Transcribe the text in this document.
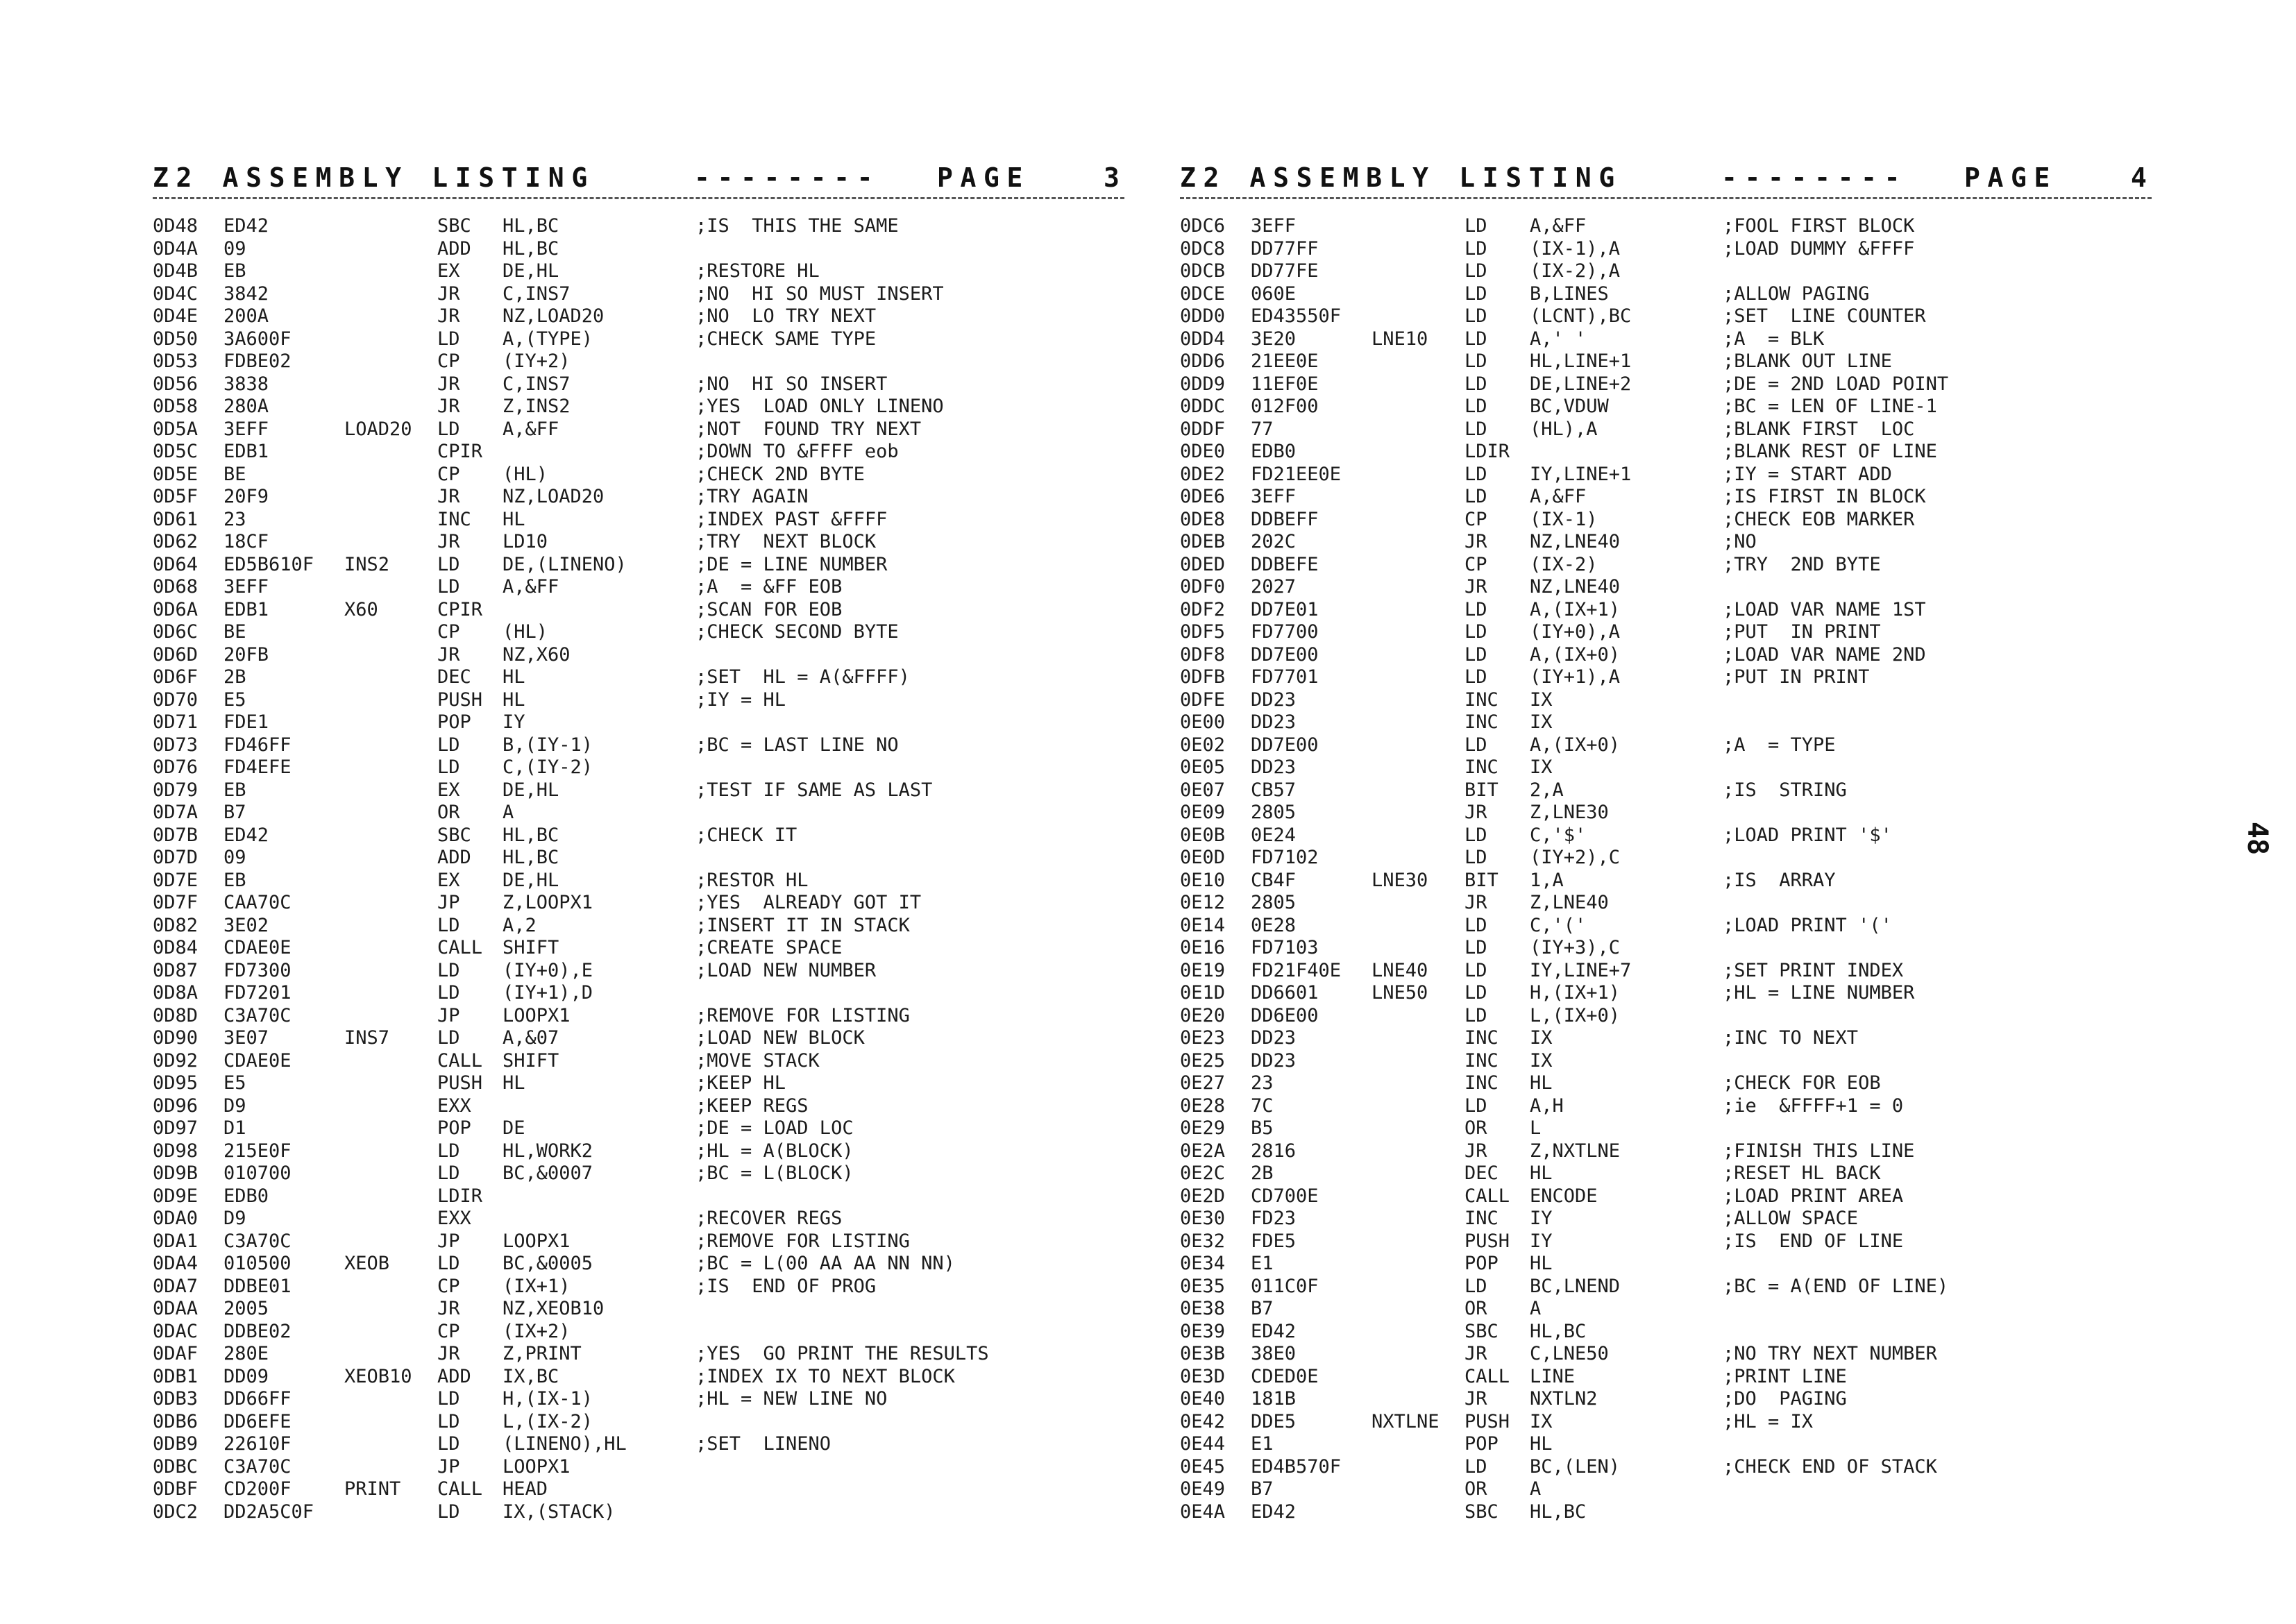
Z2 ASSEMBLY LISTING	-------- PAGE	3
0D48 ED42	SBC HL,BC	;IS  THIS THE SAME
0D4A 09	ADD HL,BC
0D4B EB	EX DE,HL	;RESTORE HL
0D4C 3842	JR C,INS7	;NO  HI SO MUST INSERT
0D4E 200A	JR NZ,LOAD20	;NO  LO TRY NEXT
0D50 3A600F	LD A,(TYPE)	;CHECK SAME TYPE
0D53 FDBE02	CP (IY+2)
0D56 3838	JR C,INS7	;NO  HI SO INSERT
0D58 280A	JR Z,INS2	;YES  LOAD ONLY LINENO
0D5A 3EFF	LOAD20 LD A,&FF	;NOT  FOUND TRY NEXT
0D5C EDB1	CPIR	;DOWN TO &FFFF eob
0D5E BE	CP (HL)	;CHECK 2ND BYTE
0D5F 20F9	JR NZ,LOAD20	;TRY AGAIN
0D61 23	INC HL	;INDEX PAST &FFFF
0D62 18CF	JR LD10	;TRY  NEXT BLOCK
0D64 ED5B610F INS2	LD DE,(LINENO)	;DE = LINE NUMBER
0D68 3EFF	LD A,&FF	;A  = &FF EOB
0D6A EDB1	X60	CPIR	;SCAN FOR EOB
0D6C BE	CP (HL)	;CHECK SECOND BYTE
0D6D 20FB	JR NZ,X60
0D6F 2B	DEC HL	;SET  HL = A(&FFFF)
0D70 E5	PUSH HL	;IY = HL
0D71 FDE1	POP IY
0D73 FD46FF	LD B,(IY-1)	;BC = LAST LINE NO
0D76 FD4EFE	LD C,(IY-2)
0D79 EB	EX DE,HL	;TEST IF SAME AS LAST
0D7A B7	OR A
0D7B ED42	SBC HL,BC	;CHECK IT
0D7D 09	ADD HL,BC
0D7E EB	EX DE,HL	;RESTOR HL
0D7F CAA70C	JP Z,LOOPX1	;YES  ALREADY GOT IT
0D82 3E02	LD A,2	;INSERT IT IN STACK
0D84 CDAE0E	CALL SHIFT	;CREATE SPACE
0D87 FD7300	LD (IY+0),E	;LOAD NEW NUMBER
0D8A FD7201	LD (IY+1),D
0D8D C3A70C	JP LOOPX1	;REMOVE FOR LISTING
0D90 3E07	INS7	LD A,&07	;LOAD NEW BLOCK
0D92 CDAE0E	CALL SHIFT	;MOVE STACK
0D95 E5	PUSH HL	;KEEP HL
0D96 D9	EXX	;KEEP REGS
0D97 D1	POP DE	;DE = LOAD LOC
0D98 215E0F	LD HL,WORK2	;HL = A(BLOCK)
0D9B 010700	LD BC,&0007	;BC = L(BLOCK)
0D9E EDB0	LDIR
0DA0 D9	EXX	;RECOVER REGS
0DA1 C3A70C	JP LOOPX1	;REMOVE FOR LISTING
0DA4 010500	XEOB	LD BC,&0005	;BC = L(00 AA AA NN NN)
0DA7 DDBE01	CP (IX+1)	;IS  END OF PROG
0DAA 2005	JR NZ,XEOB10
0DAC DDBE02	CP (IX+2)
0DAF 280E	JR Z,PRINT	;YES  GO PRINT THE RESULTS
0DB1 DD09	XEOB10 ADD IX,BC	;INDEX IX TO NEXT BLOCK
0DB3 DD66FF	LD H,(IX-1)	;HL = NEW LINE NO
0DB6 DD6EFE	LD L,(IX-2)
0DB9 22610F	LD (LINENO),HL	;SET  LINENO
0DBC C3A70C	JP LOOPX1
0DBF CD200F	PRINT CALL HEAD
0DC2 DD2A5C0F	LD IX,(STACK)
Z2 ASSEMBLY LISTING	-------- PAGE	4
0DC6 3EFF	LD A,&FF	;FOOL FIRST BLOCK
0DC8 DD77FF	LD (IX-1),A	;LOAD DUMMY &FFFF
0DCB DD77FE	LD (IX-2),A
0DCE 060E	LD B,LINES	;ALLOW PAGING
0DD0 ED43550F	LD (LCNT),BC	;SET  LINE COUNTER
0DD4 3E20	LNE10 LD A,' '	;A  = BLK
0DD6 21EE0E	LD HL,LINE+1	;BLANK OUT LINE
0DD9 11EF0E	LD DE,LINE+2	;DE = 2ND LOAD POINT
0DDC 012F00	LD BC,VDUW	;BC = LEN OF LINE-1
0DDF 77	LD (HL),A	;BLANK FIRST  LOC
0DE0 EDB0	LDIR	;BLANK REST OF LINE
0DE2 FD21EE0E	LD IY,LINE+1	;IY = START ADD
0DE6 3EFF	LD A,&FF	;IS FIRST IN BLOCK
0DE8 DDBEFF	CP (IX-1)	;CHECK EOB MARKER
0DEB 202C	JR NZ,LNE40	;NO
0DED DDBEFE	CP (IX-2)	;TRY  2ND BYTE
0DF0 2027	JR NZ,LNE40
0DF2 DD7E01	LD A,(IX+1)	;LOAD VAR NAME 1ST
0DF5 FD7700	LD (IY+0),A	;PUT  IN PRINT
0DF8 DD7E00	LD A,(IX+0)	;LOAD VAR NAME 2ND
0DFB FD7701	LD (IY+1),A	;PUT IN PRINT
0DFE DD23	INC IX
0E00 DD23	INC IX
0E02 DD7E00	LD A,(IX+0)	;A  = TYPE
0E05 DD23	INC IX
0E07 CB57	BIT 2,A	;IS  STRING
0E09 2805	JR Z,LNE30
0E0B 0E24	LD C,'$'	;LOAD PRINT '$'
0E0D FD7102	LD (IY+2),C
0E10 CB4F	LNE30 BIT 1,A	;IS  ARRAY
0E12 2805	JR Z,LNE40
0E14 0E28	LD C,'('	;LOAD PRINT '('
0E16 FD7103	LD (IY+3),C
0E19 FD21F40E LNE40 LD IY,LINE+7	;SET PRINT INDEX
0E1D DD6601	LNE50 LD H,(IX+1)	;HL = LINE NUMBER
0E20 DD6E00	LD L,(IX+0)
0E23 DD23	INC IX	;INC TO NEXT
0E25 DD23	INC IX
0E27 23	INC HL	;CHECK FOR EOB
0E28 7C	LD A,H	;ie  &FFFF+1 = 0
0E29 B5	OR L
0E2A 2816	JR Z,NXTLNE	;FINISH THIS LINE
0E2C 2B	DEC HL	;RESET HL BACK
0E2D CD700E	CALL ENCODE	;LOAD PRINT AREA
0E30 FD23	INC IY	;ALLOW SPACE
0E32 FDE5	PUSH IY	;IS  END OF LINE
0E34 E1	POP HL
0E35 011C0F	LD BC,LNEND	;BC = A(END OF LINE)
0E38 B7	OR A
0E39 ED42	SBC HL,BC
0E3B 38E0	JR C,LNE50	;NO TRY NEXT NUMBER
0E3D CDED0E	CALL LINE	;PRINT LINE
0E40 181B	JR NXTLN2	;DO  PAGING
0E42 DDE5	NXTLNE PUSH IX	;HL = IX
0E44 E1	POP HL
0E45 ED4B570F	LD BC,(LEN)	;CHECK END OF STACK
0E49 B7	OR A
0E4A ED42	SBC HL,BC
48
